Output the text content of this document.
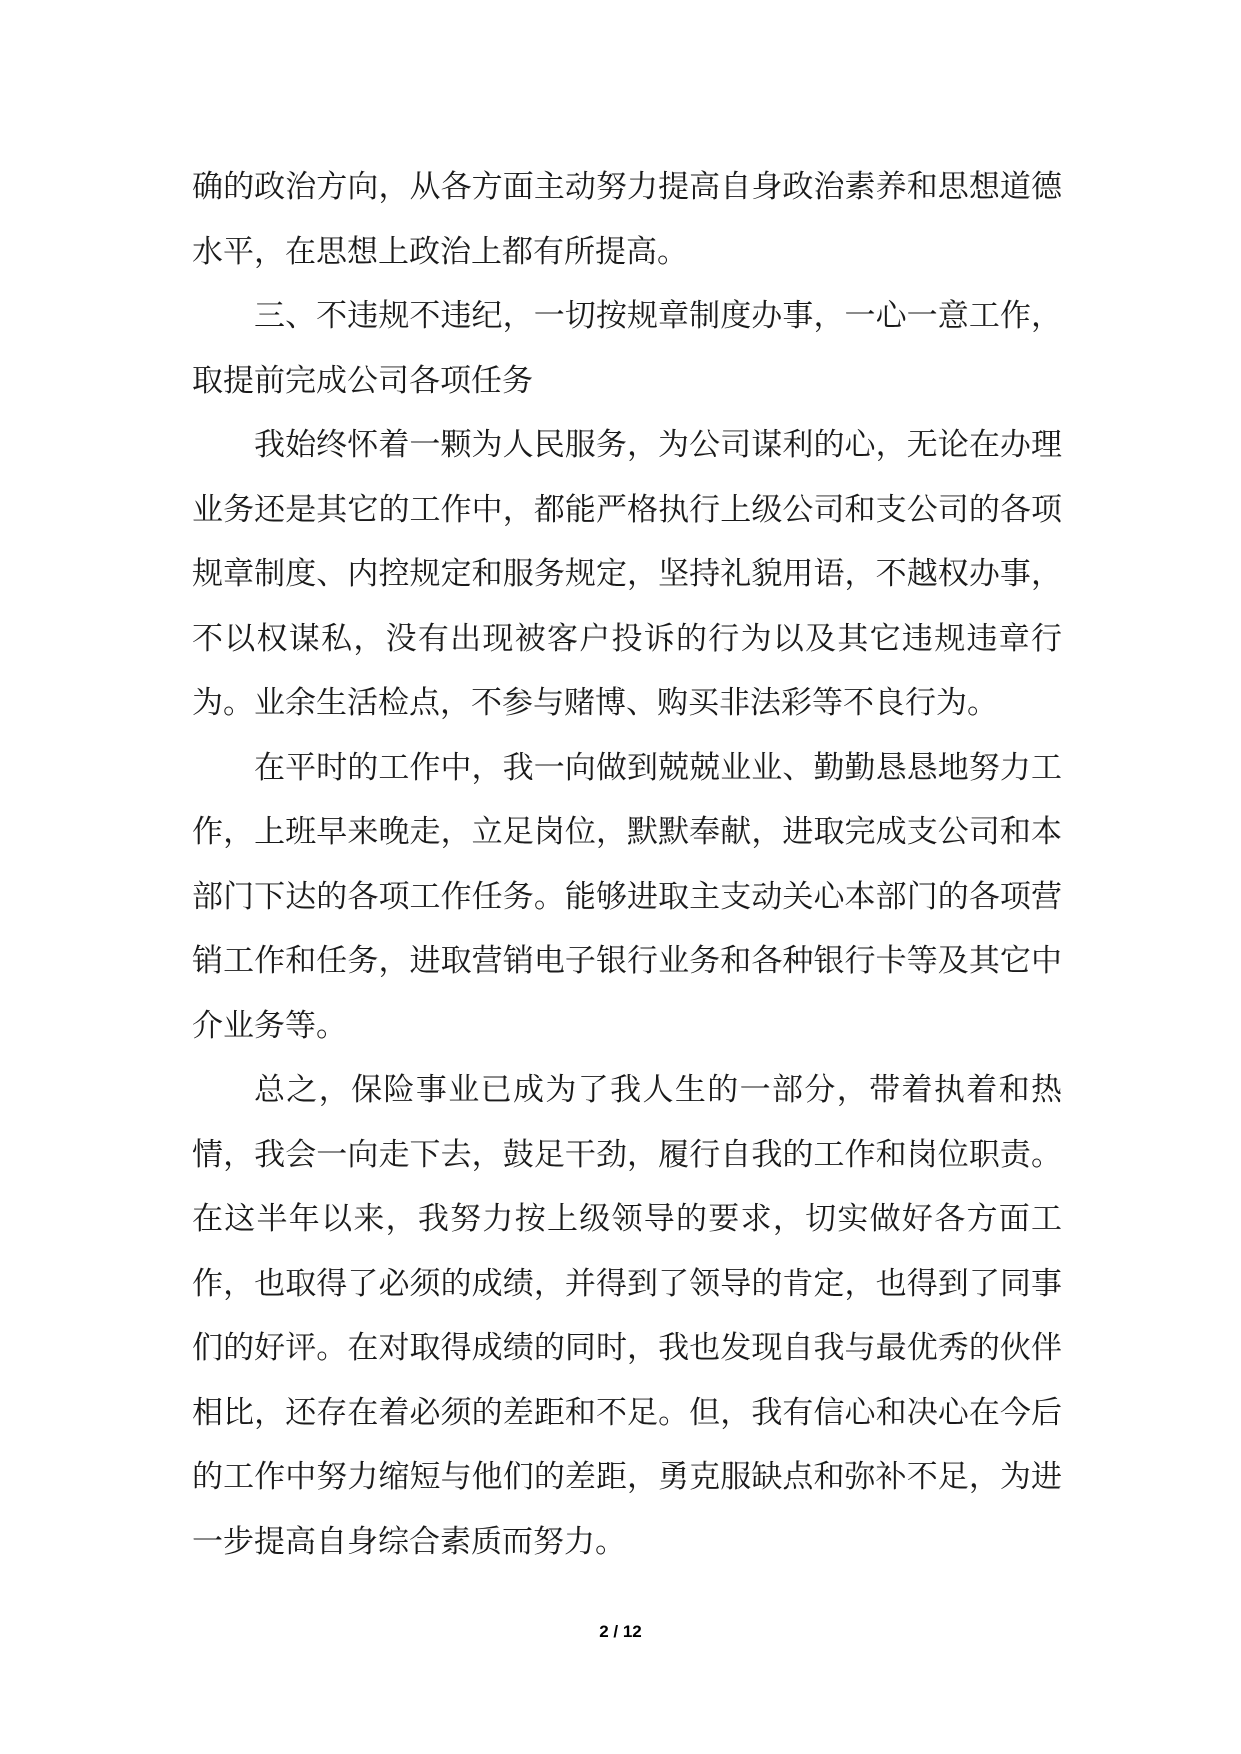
确的政治方向，从各方面主动努力提高自身政治素养和思想道德水平，在思想上政治上都有所提高。

三、不违规不违纪，一切按规章制度办事，一心一意工作，取提前完成公司各项任务

我始终怀着一颗为人民服务，为公司谋利的心，无论在办理业务还是其它的工作中，都能严格执行上级公司和支公司的各项规章制度、内控规定和服务规定，坚持礼貌用语，不越权办事，不以权谋私，没有出现被客户投诉的行为以及其它违规违章行为。业余生活检点，不参与赌博、购买非法彩等不良行为。

在平时的工作中，我一向做到兢兢业业、勤勤恳恳地努力工作，上班早来晚走，立足岗位，默默奉献，进取完成支公司和本部门下达的各项工作任务。能够进取主支动关心本部门的各项营销工作和任务，进取营销电子银行业务和各种银行卡等及其它中介业务等。

总之，保险事业已成为了我人生的一部分，带着执着和热情，我会一向走下去，鼓足干劲，履行自我的工作和岗位职责。在这半年以来，我努力按上级领导的要求，切实做好各方面工作，也取得了必须的成绩，并得到了领导的肯定，也得到了同事们的好评。在对取得成绩的同时，我也发现自我与最优秀的伙伴相比，还存在着必须的差距和不足。但，我有信心和决心在今后的工作中努力缩短与他们的差距，勇克服缺点和弥补不足，为进一步提高自身综合素质而努力。

2 / 12
